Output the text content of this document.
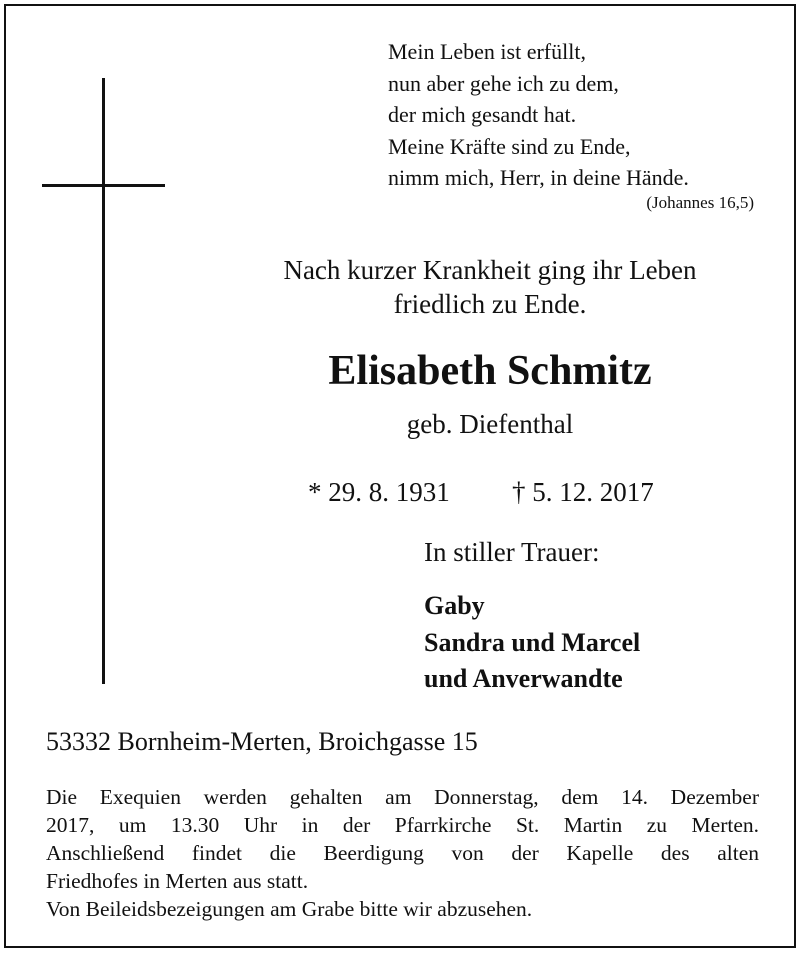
Mein Leben ist erfüllt,
nun aber gehe ich zu dem,
der mich gesandt hat.
Meine Kräfte sind zu Ende,
nimm mich, Herr, in deine Hände.
(Johannes 16,5)
Nach kurzer Krankheit ging ihr Leben
friedlich zu Ende.
Elisabeth Schmitz
geb. Diefenthal
* 29. 8. 1931 † 5. 12. 2017
In stiller Trauer:
Gaby
Sandra und Marcel
und Anverwandte
53332 Bornheim-Merten, Broichgasse 15
Die Exequien werden gehalten am Donnerstag, dem 14. Dezember
2017, um 13.30 Uhr in der Pfarrkirche St. Martin zu Merten.
Anschließend findet die Beerdigung von der Kapelle des alten
Friedhofes in Merten aus statt.
Von Beileidsbezeigungen am Grabe bitte wir abzusehen.
